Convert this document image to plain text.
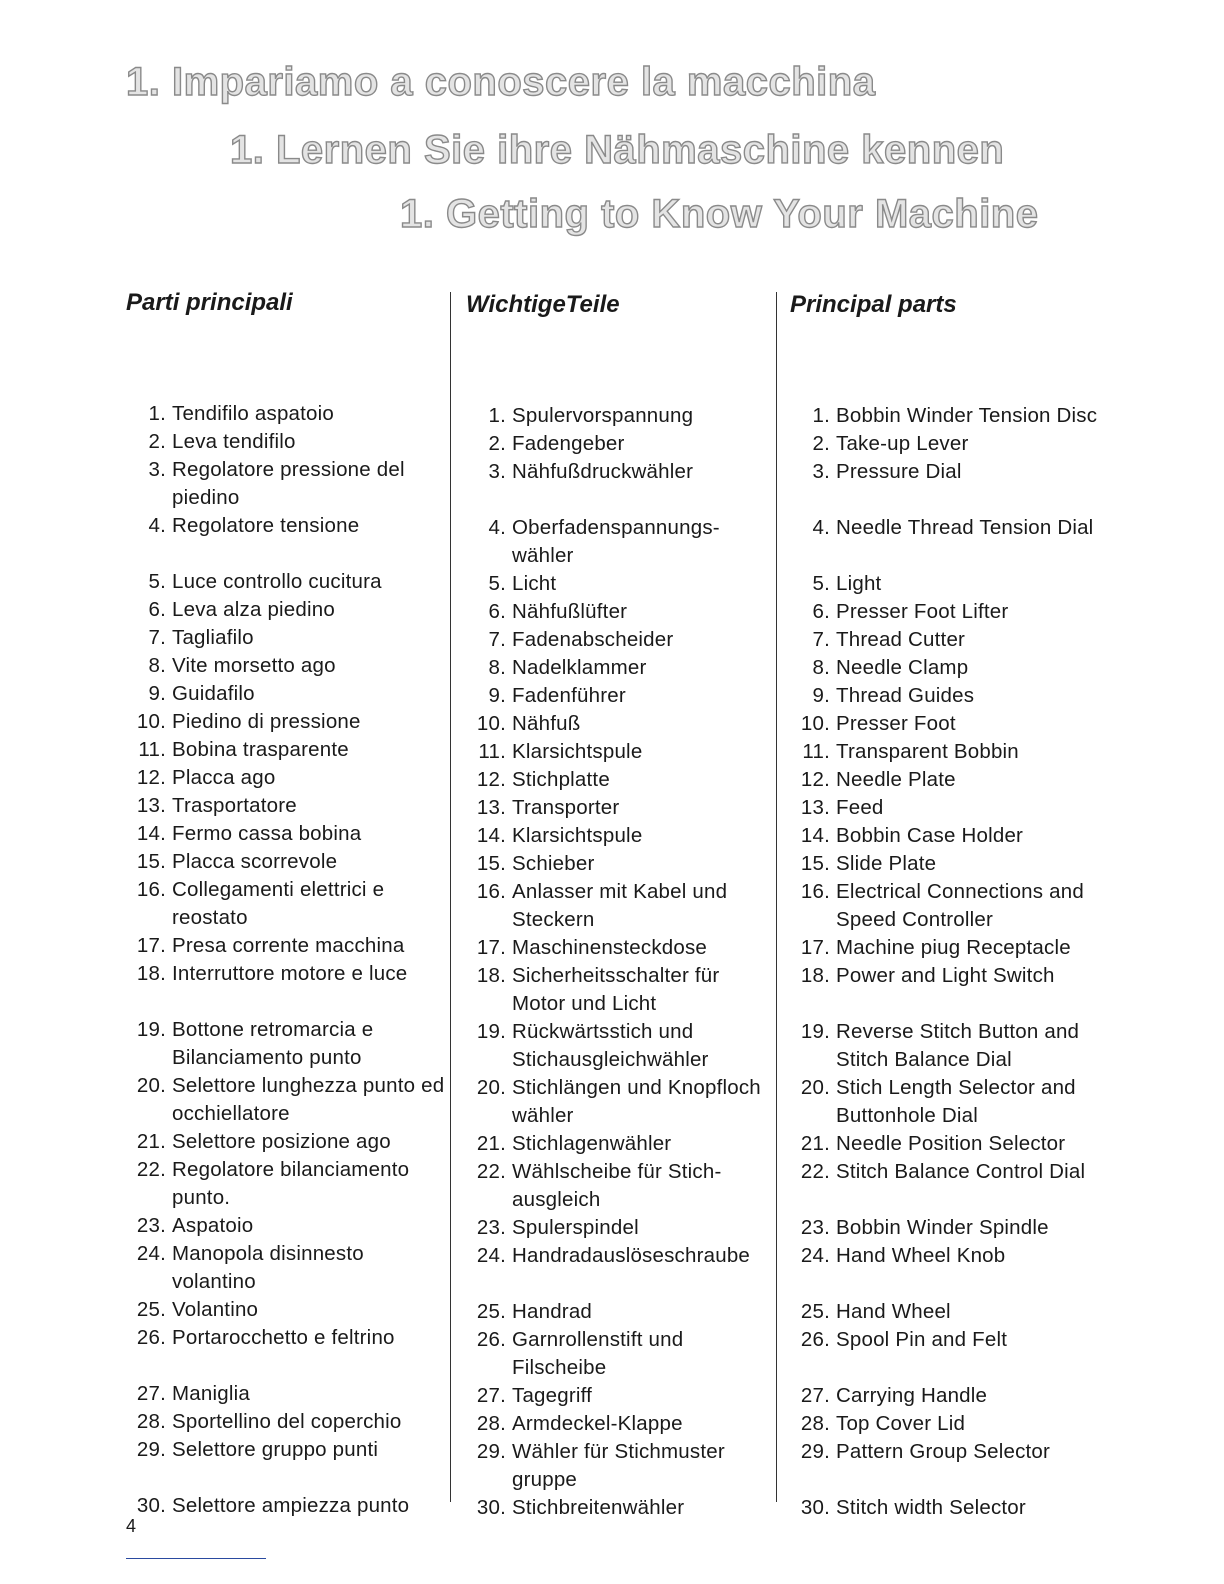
1. Impariamo a conoscere la macchina
1. Lernen Sie ihre Nähmaschine kennen
1. Getting to Know Your Machine
Parti principali
1. Tendifilo aspatoio
2. Leva tendifilo
3. Regolatore pressione del piedino
4. Regolatore tensione
5. Luce controllo cucitura
6. Leva alza piedino
7. Tagliafilo
8. Vite morsetto ago
9. Guidafilo
10. Piedino di pressione
11. Bobina trasparente
12. Placca ago
13. Trasportatore
14. Fermo cassa bobina
15. Placca scorrevole
16. Collegamenti elettrici e reostato
17. Presa corrente macchina
18. Interruttore motore e luce
19. Bottone retromarcia e Bilanciamento punto
20. Selettore lunghezza punto ed occhiellatore
21. Selettore posizione ago
22. Regolatore bilanciamento punto.
23. Aspatoio
24. Manopola disinnesto volantino
25. Volantino
26. Portarocchetto e feltrino
27. Maniglia
28. Sportellino del coperchio
29. Selettore gruppo punti
30. Selettore ampiezza punto
WichtigeTeile
1. Spulervorspannung
2. Fadengeber
3. Nähfußdruckwähler
4. Oberfadenspannungs-wähler
5. Licht
6. Nähfußlüfter
7. Fadenabscheider
8. Nadelklammer
9. Fadenführer
10. Nähfuß
11. Klarsichtspule
12. Stichplatte
13. Transporter
14. Klarsichtspule
15. Schieber
16. Anlasser mit Kabel und Steckern
17. Maschinensteckdose
18. Sicherheitsschalter für Motor und Licht
19. Rückwärtsstich und Stichausgleichwähler
20. Stichlängen und Knopfloch wähler
21. Stichlagenwähler
22. Wählscheibe für Stich-ausgleich
23. Spulerspindel
24. Handradauslöseschraube
25. Handrad
26. Garnrollenstift und Filscheibe
27. Tagegriff
28. Armdeckel-Klappe
29. Wähler für Stichmuster gruppe
30. Stichbreitenwähler
Principal parts
1. Bobbin Winder Tension Disc
2. Take-up Lever
3. Pressure Dial
4. Needle Thread Tension Dial
5. Light
6. Presser Foot Lifter
7. Thread Cutter
8. Needle Clamp
9. Thread Guides
10. Presser Foot
11. Transparent Bobbin
12. Needle Plate
13. Feed
14. Bobbin Case Holder
15. Slide Plate
16. Electrical Connections and Speed Controller
17. Machine piug Receptacle
18. Power and Light Switch
19. Reverse Stitch Button and Stitch Balance Dial
20. Stich Length Selector and Buttonhole Dial
21. Needle Position Selector
22. Stitch Balance Control Dial
23. Bobbin Winder Spindle
24. Hand Wheel Knob
25. Hand Wheel
26. Spool Pin and Felt
27. Carrying Handle
28. Top Cover Lid
29. Pattern Group Selector
30. Stitch width Selector
4
